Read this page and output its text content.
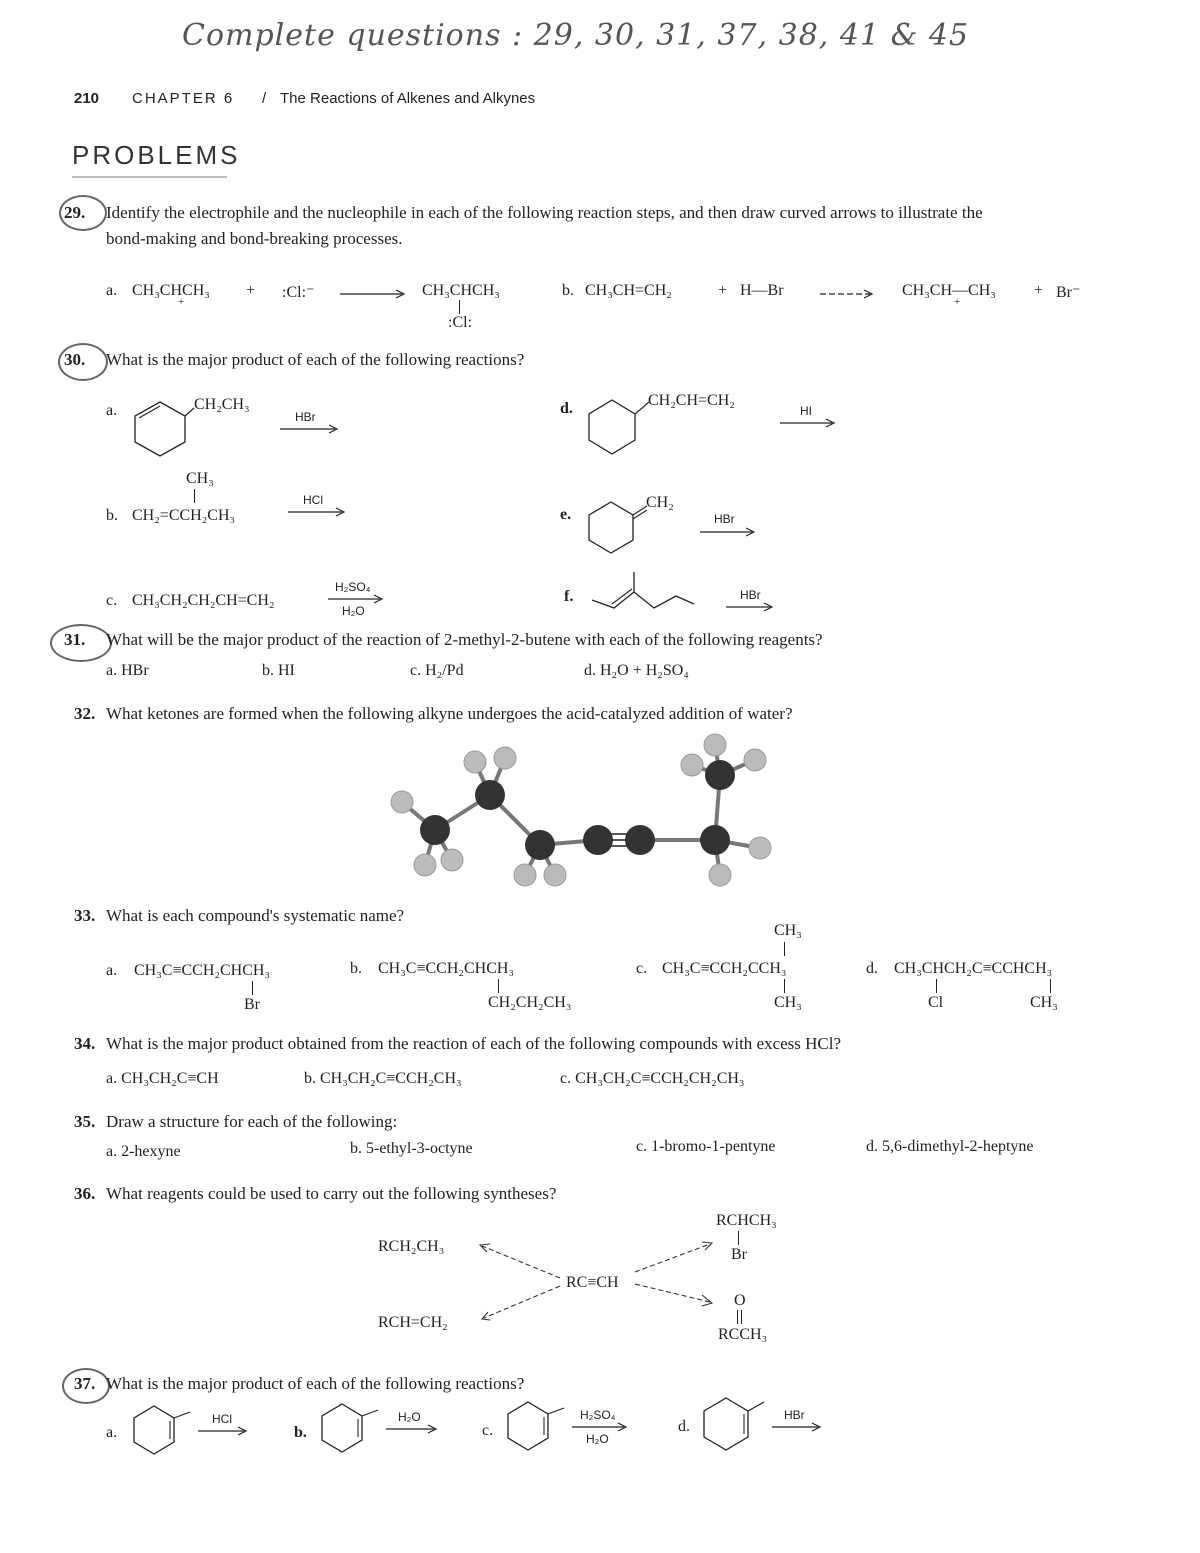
Complete questions : 29, 30, 31, 37, 38, 41 & 45
210 CHAPTER 6 / The Reactions of Alkenes and Alkynes
PROBLEMS
29. Identify the electrophile and the nucleophile in each of the following reaction steps, and then draw curved arrows to illustrate the
bond-making and bond-breaking processes.
a. CH₃CHCH₃
+
+ :Cl:⁻	CH₃CHCH₃
:Cl:
b. CH₃CH=CH₂	+ H—Br → CH₃CH—CH₃
+
+ Br⁻
30. What is the major product of each of the following reactions?
a.	CH₂CH₃
HBr	d.	CH₂CH=CH₂
HI
CH₃
b. CH₂=CCH₂CH₃
HCl
e.
CH₂
HBr
c. CH₃CH₂CH₂CH=CH₂
H₂SO₄
H₂O
f.	HBr
31. What will be the major product of the reaction of 2-methyl-2-butene with each of the following reagents?
a. HBr	b. HI	c. H₂/Pd	d. H₂O + H₂SO₄
32. What ketones are formed when the following alkyne undergoes the acid-catalyzed addition of water?
33. What is each compound's systematic name?
a. CH₃C≡CCH₂CHCH₃
Br
b. CH₃C≡CCH₂CHCH₃
CH₂CH₂CH₃
CH₃
c. CH₃C≡CCH₂CCH₃
CH₃
d. CH₃CHCH₂C≡CCHCH₃
Cl	CH₃
34. What is the major product obtained from the reaction of each of the following compounds with excess HCl?
a. CH₃CH₂C≡CH	b. CH₃CH₂C≡CCH₂CH₃	c. CH₃CH₂C≡CCH₂CH₂CH₃
35. Draw a structure for each of the following:
a. 2-hexyne	b. 5-ethyl-3-octyne	c. 1-bromo-1-pentyne	d. 5,6-dimethyl-2-heptyne
36. What reagents could be used to carry out the following syntheses?
RCH₂CH₃
RCH=CH₂
RC≡CH
RCHCH₃
Br
O
RCCH₃
37. What is the major product of each of the following reactions?
a.
HCl
b.
H₂O
c.
H₂SO₄
H₂O
d.
HBr
